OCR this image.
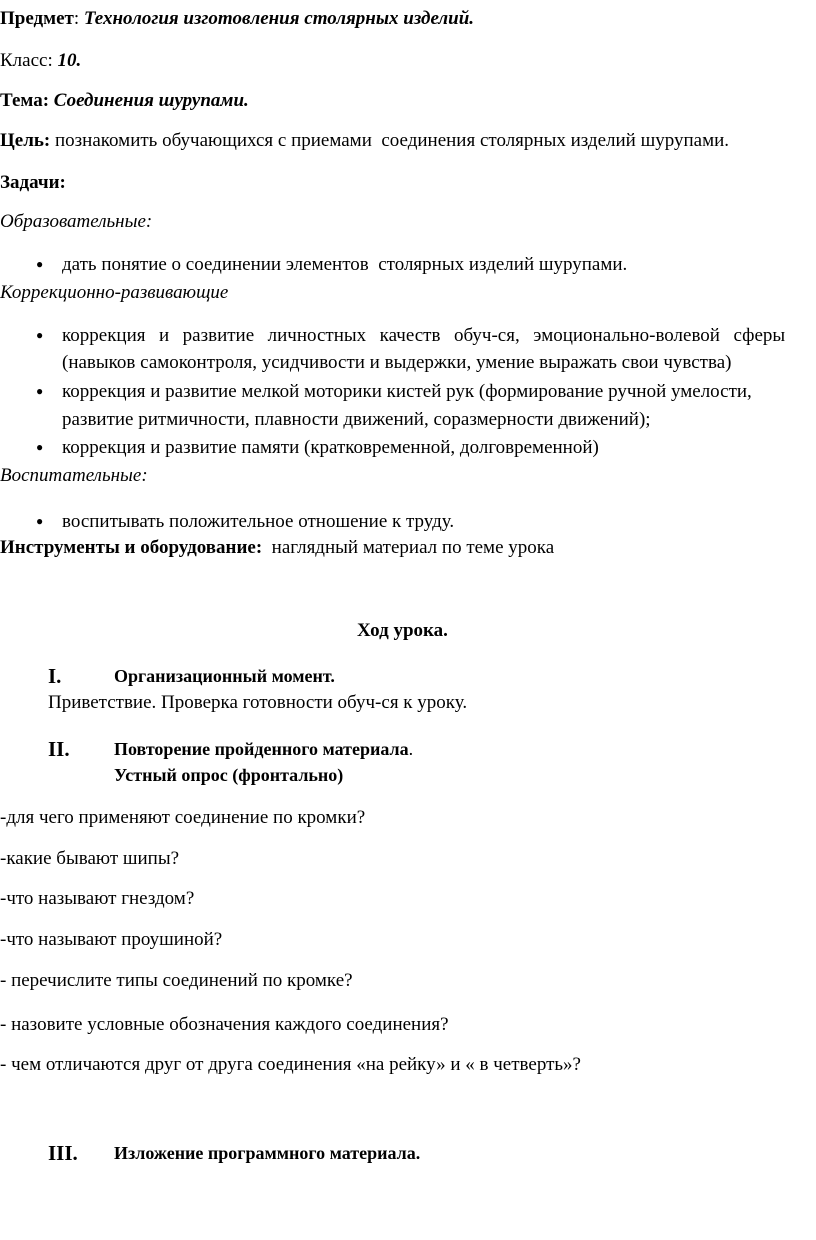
Предмет: Технология изготовления столярных изделий.
Класс: 10.
Тема: Соединения шурупами.
Цель: познакомить обучающихся с приемами  соединения столярных изделий шурупами.
Задачи:
Образовательные:
● дать понятие о соединении элементов  столярных изделий шурупами.
Коррекционно-развивающие
● коррекция  и  развитие  личностных  качеств  обуч-ся,  эмоционально-волевой  сферы
(навыков самоконтроля, усидчивости и выдержки, умение выражать свои чувства)
● коррекция и развитие мелкой моторики кистей рук (формирование ручной умелости,
развитие ритмичности, плавности движений, соразмерности движений);
● коррекция и развитие памяти (кратковременной, долговременной)
Воспитательные:
● воспитывать положительное отношение к труду.
Инструменты и оборудование: наглядный материал по теме урока
Ход урока.
I.	Организационный момент.
Приветствие. Проверка готовности обуч-ся к уроку.
II. Повторение пройденного материала.
Устный опрос (фронтально)
-для чего применяют соединение по кромки?
-какие бывают шипы?
-что называют гнездом?
-что называют проушиной?
- перечислите типы соединений по кромке?
- назовите условные обозначения каждого соединения?
- чем отличаются друг от друга соединения «на рейку» и « в четверть»?
III. Изложение программного материала.
